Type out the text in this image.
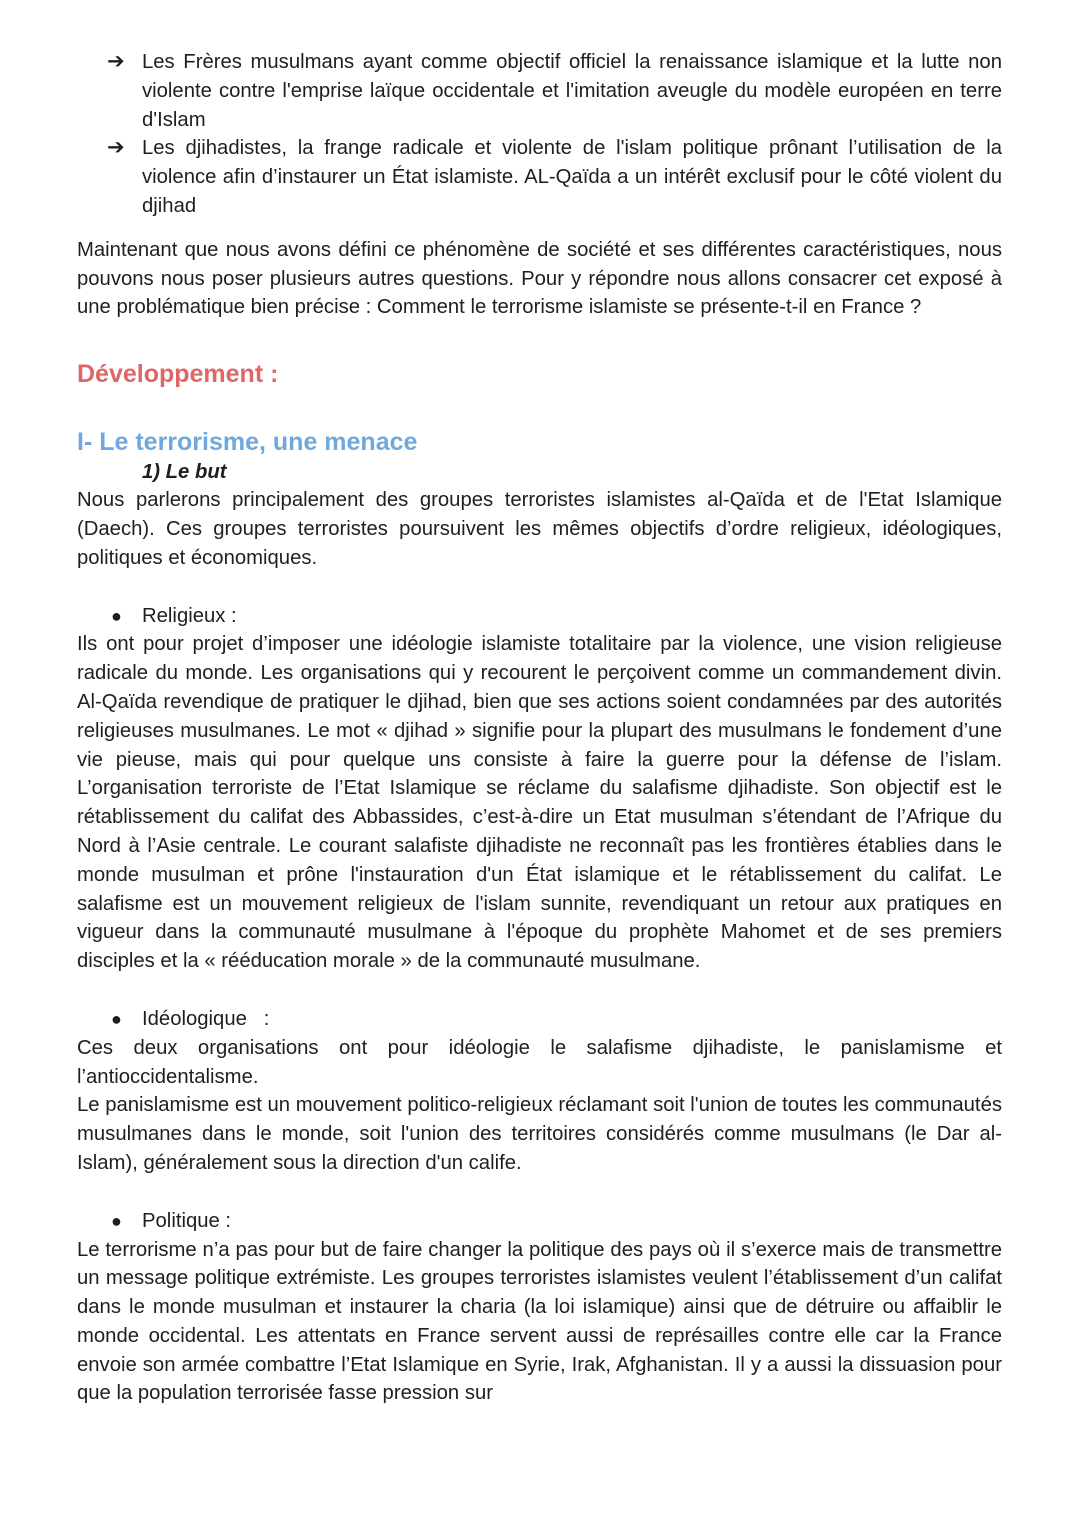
➔ Les Frères musulmans ayant comme objectif officiel la renaissance islamique et la lutte non violente contre l'emprise laïque occidentale et l'imitation aveugle du modèle européen en terre d'Islam
➔ Les djihadistes, la frange radicale et violente de l'islam politique prônant l’utilisation de la violence afin d’instaurer un État islamiste. AL-Qaïda a un intérêt exclusif pour le côté violent du djihad

Maintenant que nous avons défini ce phénomène de société et ses différentes caractéristiques, nous pouvons nous poser plusieurs autres questions. Pour y répondre nous allons consacrer cet exposé à une problématique bien précise : Comment le terrorisme islamiste se présente-t-il en France ?

Développement :
I- Le terrorisme, une menace
1) Le but

Nous parlerons principalement des groupes terroristes islamistes al-Qaïda et de l'Etat Islamique (Daech). Ces groupes terroristes poursuivent les mêmes objectifs d’ordre religieux, idéologiques, politiques et économiques.

● Religieux :

Ils ont pour projet d’imposer une idéologie islamiste totalitaire par la violence, une vision religieuse radicale du monde. Les organisations qui y recourent le perçoivent comme un commandement divin. Al-Qaïda revendique de pratiquer le djihad, bien que ses actions soient condamnées par des autorités religieuses musulmanes. Le mot « djihad » signifie pour la plupart des musulmans le fondement d’une vie pieuse, mais qui pour quelque uns consiste à faire la guerre pour la défense de l’islam. L’organisation terroriste de l’Etat Islamique se réclame du salafisme djihadiste. Son objectif est le rétablissement du califat des Abbassides, c’est-à-dire un Etat musulman s’étendant de l’Afrique du Nord à l’Asie centrale. Le courant salafiste djihadiste ne reconnaît pas les frontières établies dans le monde musulman et prône l'instauration d'un État islamique et le rétablissement du califat. Le salafisme est un mouvement religieux de l'islam sunnite, revendiquant un retour aux pratiques en vigueur dans la communauté musulmane à l'époque du prophète Mahomet et de ses premiers disciples et la « rééducation morale » de la communauté musulmane.

● Idéologique   :

Ces deux organisations ont pour idéologie le salafisme djihadiste, le panislamisme et l’antioccidentalisme.

Le panislamisme est un mouvement politico-religieux réclamant soit l'union de toutes les communautés musulmanes dans le monde, soit l'union des territoires considérés comme musulmans (le Dar al-Islam), généralement sous la direction d'un calife.

● Politique :

Le terrorisme n’a pas pour but de faire changer la politique des pays où il s’exerce mais de transmettre un message politique extrémiste. Les groupes terroristes islamistes veulent l’établissement d’un califat dans le monde musulman et instaurer la charia (la loi islamique) ainsi que de détruire ou affaiblir le monde occidental. Les attentats en France servent aussi de représailles contre elle car la France envoie son armée combattre l’Etat Islamique en Syrie, Irak, Afghanistan. Il y a aussi la dissuasion pour que la population terrorisée fasse pression sur
